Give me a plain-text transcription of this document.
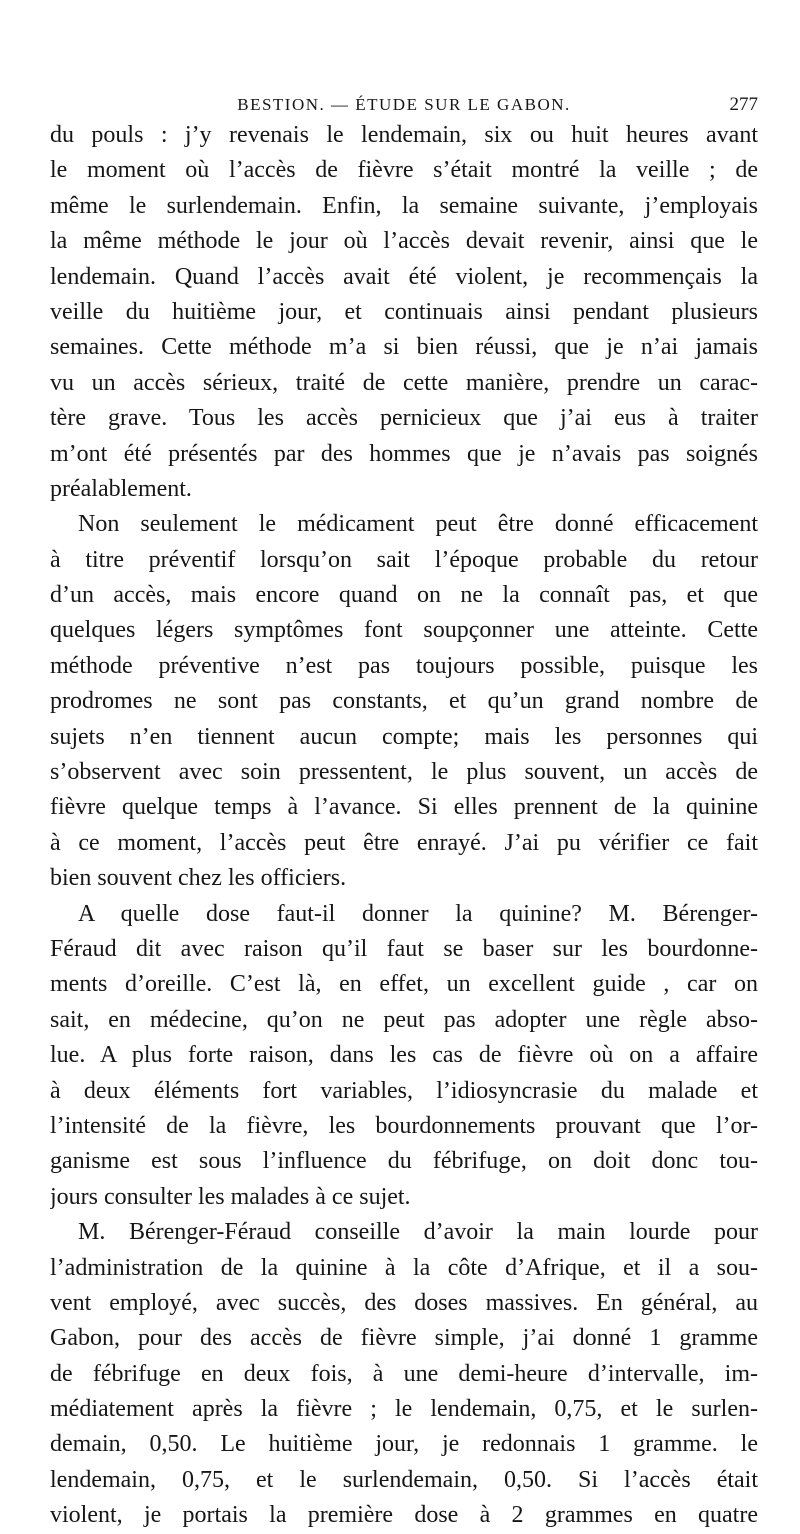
BESTION. — ÉTUDE SUR LE GABON.	277
du pouls : j’y revenais le lendemain, six ou huit heures avant
le moment où l’accès de fièvre s’était montré la veille ; de
même le surlendemain. Enfin, la semaine suivante, j’employais
la même méthode le jour où l’accès devait revenir, ainsi que le
lendemain. Quand l’accès avait été violent, je recommençais la
veille du huitième jour, et continuais ainsi pendant plusieurs
semaines. Cette méthode m’a si bien réussi, que je n’ai jamais
vu un accès sérieux, traité de cette manière, prendre un carac-
tère grave. Tous les accès pernicieux que j’ai eus à traiter
m’ont été présentés par des hommes que je n’avais pas soignés
préalablement.
Non seulement le médicament peut être donné efficacement
à titre préventif lorsqu’on sait l’époque probable du retour
d’un accès, mais encore quand on ne la connaît pas, et que
quelques légers symptômes font soupçonner une atteinte. Cette
méthode préventive n’est pas toujours possible, puisque les
prodromes ne sont pas constants, et qu’un grand nombre de
sujets n’en tiennent aucun compte; mais les personnes qui
s’observent avec soin pressentent, le plus souvent, un accès de
fièvre quelque temps à l’avance. Si elles prennent de la quinine
à ce moment, l’accès peut être enrayé. J’ai pu vérifier ce fait
bien souvent chez les officiers.
A quelle dose faut-il donner la quinine? M. Bérenger-
Féraud dit avec raison qu’il faut se baser sur les bourdonne-
ments d’oreille. C’est là, en effet, un excellent guide , car on
sait, en médecine, qu’on ne peut pas adopter une règle abso-
lue. A plus forte raison, dans les cas de fièvre où on a affaire
à deux éléments fort variables, l’idiosyncrasie du malade et
l’intensité de la fièvre, les bourdonnements prouvant que l’or-
ganisme est sous l’influence du fébrifuge, on doit donc tou-
jours consulter les malades à ce sujet.
M. Bérenger-Féraud conseille d’avoir la main lourde pour
l’administration de la quinine à la côte d’Afrique, et il a sou-
vent employé, avec succès, des doses massives. En général, au
Gabon, pour des accès de fièvre simple, j’ai donné 1 gramme
de fébrifuge en deux fois, à une demi-heure d’intervalle, im-
médiatement après la fièvre ; le lendemain, 0,75, et le surlen-
demain, 0,50. Le huitième jour, je redonnais 1 gramme. le
lendemain, 0,75, et le surlendemain, 0,50. Si l’accès était
violent, je portais la première dose à 2 grammes en quatre
